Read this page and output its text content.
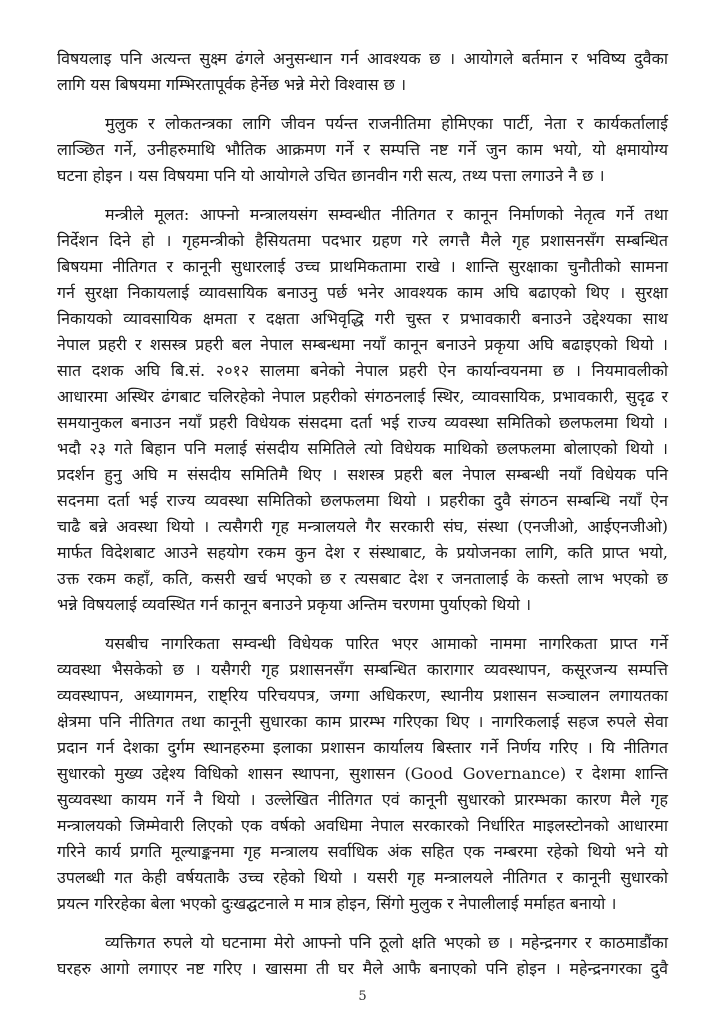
विषयलाइ पनि अत्यन्त सुक्ष्म ढंगले अनुसन्धान गर्न आवश्यक छ । आयोगले बर्तमान र भविष्य दुवैका
लागि यस बिषयमा गम्भिरतापूर्वक हेर्नेछ भन्ने मेरो विश्वास छ ।

मुलुक र लोकतन्त्रका लागि जीवन पर्यन्त राजनीतिमा होमिएका पार्टी, नेता र कार्यकर्तालाई
लाञ्छित गर्ने, उनीहरुमाथि भौतिक आक्रमण गर्ने र सम्पत्ति नष्ट गर्ने जुन काम भयो, यो क्षमायोग्य
घटना होइन । यस विषयमा पनि यो आयोगले उचित छानवीन गरी सत्य, तथ्य पत्ता लगाउने नै छ ।

मन्त्रीले मूलत: आफ्नो मन्त्रालयसंग सम्वन्धीत नीतिगत र कानून निर्माणको नेतृत्व गर्ने तथा
निर्देशन दिने हो । गृहमन्त्रीको हैसियतमा पदभार ग्रहण गरे लगत्तै मैले गृह प्रशासनसँग सम्बन्धित
बिषयमा नीतिगत र कानूनी सुधारलाई उच्च प्राथमिकतामा राखे । शान्ति सुरक्षाका चुनौतीको सामना
गर्न सुरक्षा निकायलाई व्यावसायिक बनाउनु पर्छ भनेर आवश्यक काम अघि बढाएको थिए । सुरक्षा
निकायको व्यावसायिक क्षमता र दक्षता अभिवृद्धि गरी चुस्त र प्रभावकारी बनाउने उद्देश्यका साथ
नेपाल प्रहरी र शसस्त्र प्रहरी बल नेपाल सम्बन्धमा नयाँ कानून बनाउने प्रकृया अघि बढाइएको थियो ।
सात दशक अघि बि.सं. २०१२ सालमा बनेको नेपाल प्रहरी ऐन कार्यान्वयनमा छ । नियमावलीको
आधारमा अस्थिर ढंगबाट चलिरहेको नेपाल प्रहरीको संगठनलाई स्थिर, व्यावसायिक, प्रभावकारी, सुदृढ र
समयानुकल बनाउन नयाँ प्रहरी विधेयक संसदमा दर्ता भई राज्य व्यवस्था समितिको छलफलमा थियो ।
भदौ २३ गते बिहान पनि मलाई संसदीय समितिले त्यो विधेयक माथिको छलफलमा बोलाएको थियो ।
प्रदर्शन हुनु अघि म संसदीय समितिमै थिए । सशस्त्र प्रहरी बल नेपाल सम्बन्धी नयाँ विधेयक पनि
सदनमा दर्ता भई राज्य व्यवस्था समितिको छलफलमा थियो । प्रहरीका दुवै संगठन सम्बन्धि नयाँ ऐन
चाढै बन्ने अवस्था थियो । त्यसैगरी गृह मन्त्रालयले गैर सरकारी संघ, संस्था (एनजीओ, आईएनजीओ)
मार्फत विदेशबाट आउने सहयोग रकम कुन देश र संस्थाबाट, के प्रयोजनका लागि, कति प्राप्त भयो,
उक्त रकम कहाँ, कति, कसरी खर्च भएको छ र त्यसबाट देश र जनतालाई के कस्तो लाभ भएको छ
भन्ने विषयलाई व्यवस्थित गर्न कानून बनाउने प्रकृया अन्तिम चरणमा पुर्याएको थियो ।

यसबीच नागरिकता सम्वन्धी विधेयक पारित भएर आमाको नाममा नागरिकता प्राप्त गर्ने
व्यवस्था भैसकेको छ । यसैगरी गृह प्रशासनसँग सम्बन्धित कारागार व्यवस्थापन, कसूरजन्य सम्पत्ति
व्यवस्थापन, अध्यागमन, राष्ट्रिय परिचयपत्र, जग्गा अधिकरण, स्थानीय प्रशासन सञ्चालन लगायतका
क्षेत्रमा पनि नीतिगत तथा कानूनी सुधारका काम प्रारम्भ गरिएका थिए । नागरिकलाई सहज रुपले सेवा
प्रदान गर्न देशका दुर्गम स्थानहरुमा इलाका प्रशासन कार्यालय बिस्तार गर्ने निर्णय गरिए । यि नीतिगत
सुधारको मुख्य उद्देश्य विधिको शासन स्थापना, सुशासन (Good Governance) र देशमा शान्ति
सुव्यवस्था कायम गर्ने नै थियो । उल्लेखित नीतिगत एवं कानूनी सुधारको प्रारम्भका कारण मैले गृह
मन्त्रालयको जिम्मेवारी लिएको एक वर्षको अवधिमा नेपाल सरकारको निर्धारित माइलस्टोनको आधारमा
गरिने कार्य प्रगति मूल्याङ्कनमा गृह मन्त्रालय सर्वाधिक अंक सहित एक नम्बरमा रहेको थियो भने यो
उपलब्धी गत केही वर्षयताकै उच्च रहेको थियो । यसरी गृह मन्त्रालयले नीतिगत र कानूनी सुधारको
प्रयत्न गरिरहेका बेला भएको दुःखद्घटनाले म मात्र होइन, सिंगो मुलुक र नेपालीलाई मर्माहत बनायो ।

व्यक्तिगत रुपले यो घटनामा मेरो आफ्नो पनि ठूलो क्षति भएको छ । महेन्द्रनगर र काठमाडौंका
घरहरु आगो लगाएर नष्ट गरिए । खासमा ती घर मैले आफै बनाएको पनि होइन । महेन्द्रनगरका दुवै

5
